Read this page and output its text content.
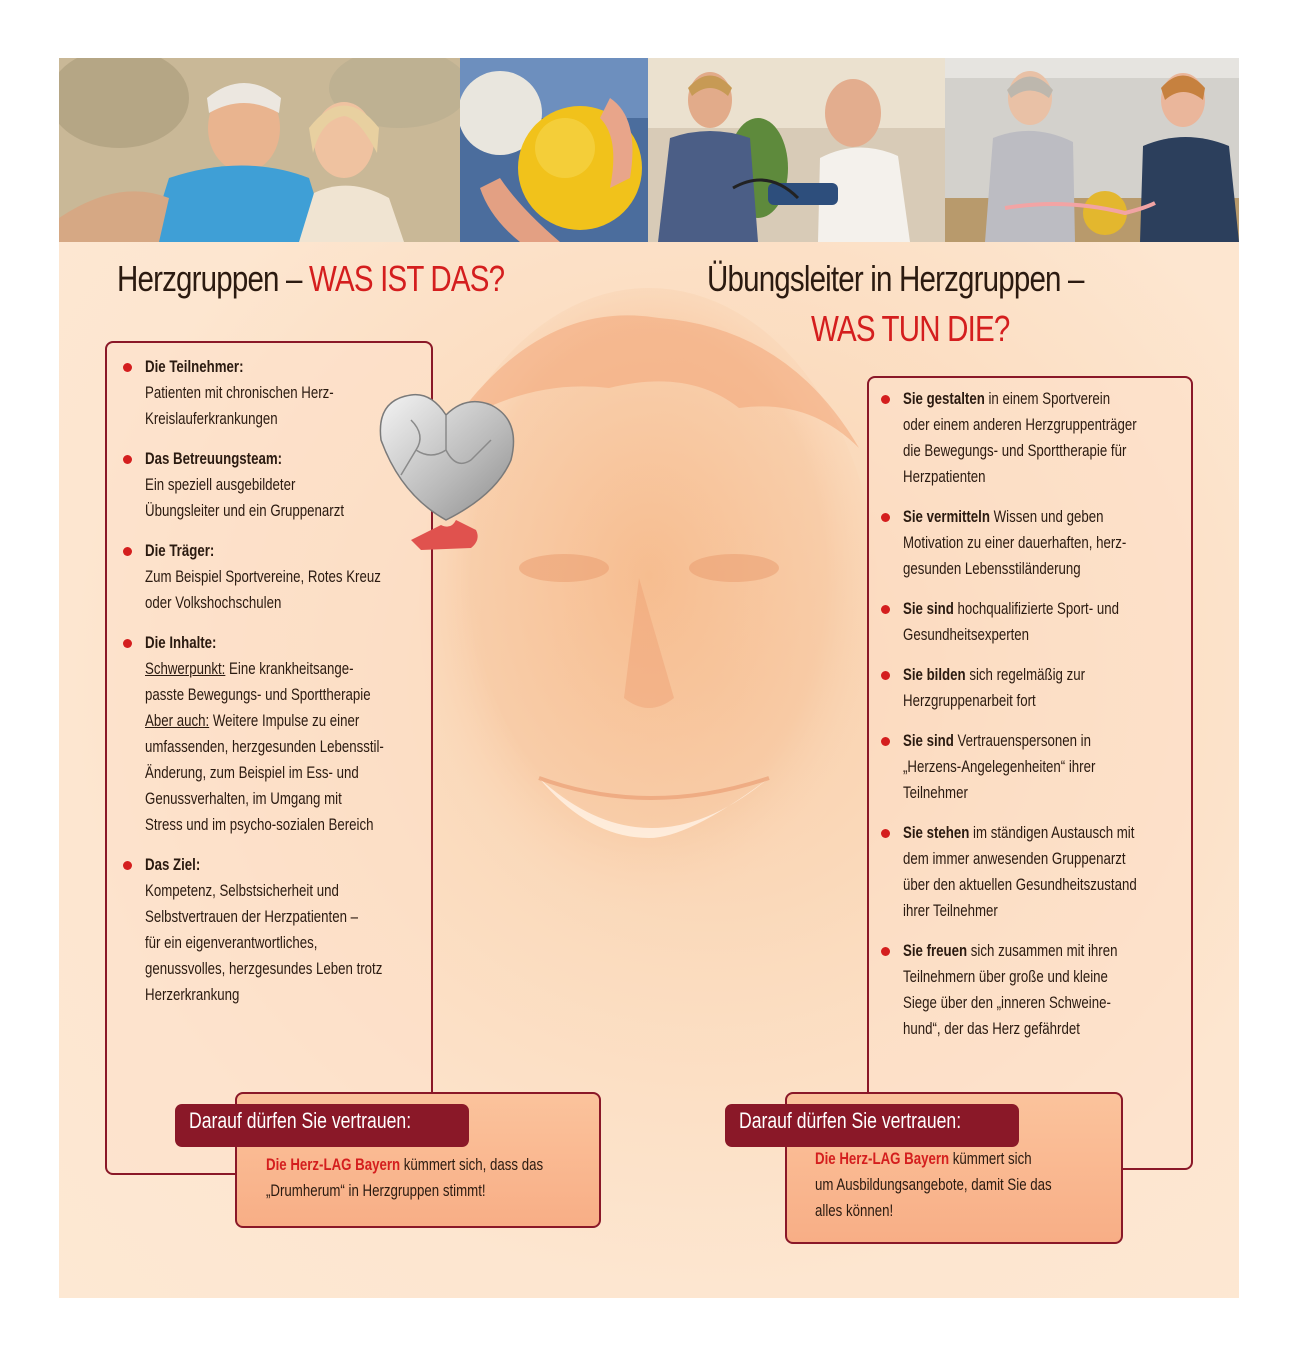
Herzgruppen – WAS IST DAS?	Übungsleiter in Herzgruppen –
WAS TUN DIE?
Die Teilnehmer:
Patienten mit chronischen Herz-
Kreislauferkrankungen
Das Betreuungsteam:
Ein speziell ausgebildeter
Übungsleiter und ein Gruppenarzt
Die Träger:
Zum Beispiel Sportvereine, Rotes Kreuz
oder Volkshochschulen
Die Inhalte:
Schwerpunkt: Eine krankheitsange-
passte Bewegungs- und Sporttherapie
Aber auch: Weitere Impulse zu einer
umfassenden, herzgesunden Lebensstil-
Änderung, zum Beispiel im Ess- und
Genussverhalten, im Umgang mit
Stress und im psycho-sozialen Bereich
Das Ziel:
Kompetenz, Selbstsicherheit und
Selbstvertrauen der Herzpatienten –
für ein eigenverantwortliches,
genussvolles, herzgesundes Leben trotz
Herzerkrankung
Sie gestalten in einem Sportverein
oder einem anderen Herzgruppenträger
die Bewegungs- und Sporttherapie für
Herzpatienten
Sie vermitteln Wissen und geben
Motivation zu einer dauerhaften, herz-
gesunden Lebensstiländerung
Sie sind hochqualifizierte Sport- und
Gesundheitsexperten
Sie bilden sich regelmäßig zur
Herzgruppenarbeit fort
Sie sind Vertrauenspersonen in
„Herzens-Angelegenheiten“ ihrer
Teilnehmer
Sie stehen im ständigen Austausch mit
dem immer anwesenden Gruppenarzt
über den aktuellen Gesundheitszustand
ihrer Teilnehmer
Sie freuen sich zusammen mit ihren
Teilnehmern über große und kleine
Siege über den „inneren Schweine-
hund“, der das Herz gefährdet
Darauf dürfen Sie vertrauen:
Die Herz-LAG Bayern kümmert sich, dass das
„Drumherum“ in Herzgruppen stimmt!
Darauf dürfen Sie vertrauen:
Die Herz-LAG Bayern kümmert sich
um Ausbildungsangebote, damit Sie das
alles können!
